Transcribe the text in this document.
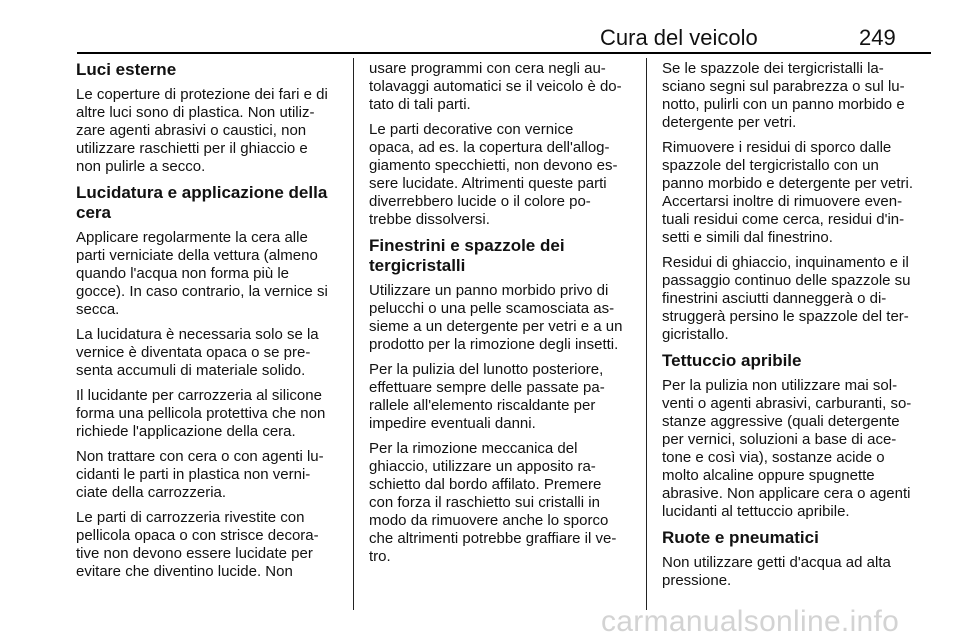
Cura del veicolo	249
Luci esterne

Le coperture di protezione dei fari e di
altre luci sono di plastica. Non utiliz-
zare agenti abrasivi o caustici, non
utilizzare raschietti per il ghiaccio e
non pulirle a secco.

Lucidatura e applicazione della
cera

Applicare regolarmente la cera alle
parti verniciate della vettura (almeno
quando l'acqua non forma più le
gocce). In caso contrario, la vernice si
secca.

La lucidatura è necessaria solo se la
vernice è diventata opaca o se pre-
senta accumuli di materiale solido.

Il lucidante per carrozzeria al silicone
forma una pellicola protettiva che non
richiede l'applicazione della cera.

Non trattare con cera o con agenti lu-
cidanti le parti in plastica non verni-
ciate della carrozzeria.

Le parti di carrozzeria rivestite con
pellicola opaca o con strisce decora-
tive non devono essere lucidate per
evitare che diventino lucide. Non

usare programmi con cera negli au-
tolavaggi automatici se il veicolo è do-
tato di tali parti.

Le parti decorative con vernice
opaca, ad es. la copertura dell'allog-
giamento specchietti, non devono es-
sere lucidate. Altrimenti queste parti
diverrebbero lucide o il colore po-
trebbe dissolversi.

Finestrini e spazzole dei
tergicristalli

Utilizzare un panno morbido privo di
pelucchi o una pelle scamosciata as-
sieme a un detergente per vetri e a un
prodotto per la rimozione degli insetti.

Per la pulizia del lunotto posteriore,
effettuare sempre delle passate pa-
rallele all'elemento riscaldante per
impedire eventuali danni.

Per la rimozione meccanica del
ghiaccio, utilizzare un apposito ra-
schietto dal bordo affilato. Premere
con forza il raschietto sui cristalli in
modo da rimuovere anche lo sporco
che altrimenti potrebbe graffiare il ve-
tro.

Se le spazzole dei tergicristalli la-
sciano segni sul parabrezza o sul lu-
notto, pulirli con un panno morbido e
detergente per vetri.

Rimuovere i residui di sporco dalle
spazzole del tergicristallo con un
panno morbido e detergente per vetri.
Accertarsi inoltre di rimuovere even-
tuali residui come cerca, residui d'in-
setti e simili dal finestrino.

Residui di ghiaccio, inquinamento e il
passaggio continuo delle spazzole su
finestrini asciutti danneggerà o di-
struggerà persino le spazzole del ter-
gicristallo.

Tettuccio apribile

Per la pulizia non utilizzare mai sol-
venti o agenti abrasivi, carburanti, so-
stanze aggressive (quali detergente
per vernici, soluzioni a base di ace-
tone e così via), sostanze acide o
molto alcaline oppure spugnette
abrasive. Non applicare cera o agenti
lucidanti al tettuccio apribile.

Ruote e pneumatici

Non utilizzare getti d'acqua ad alta
pressione.

carmanualsonline.info
